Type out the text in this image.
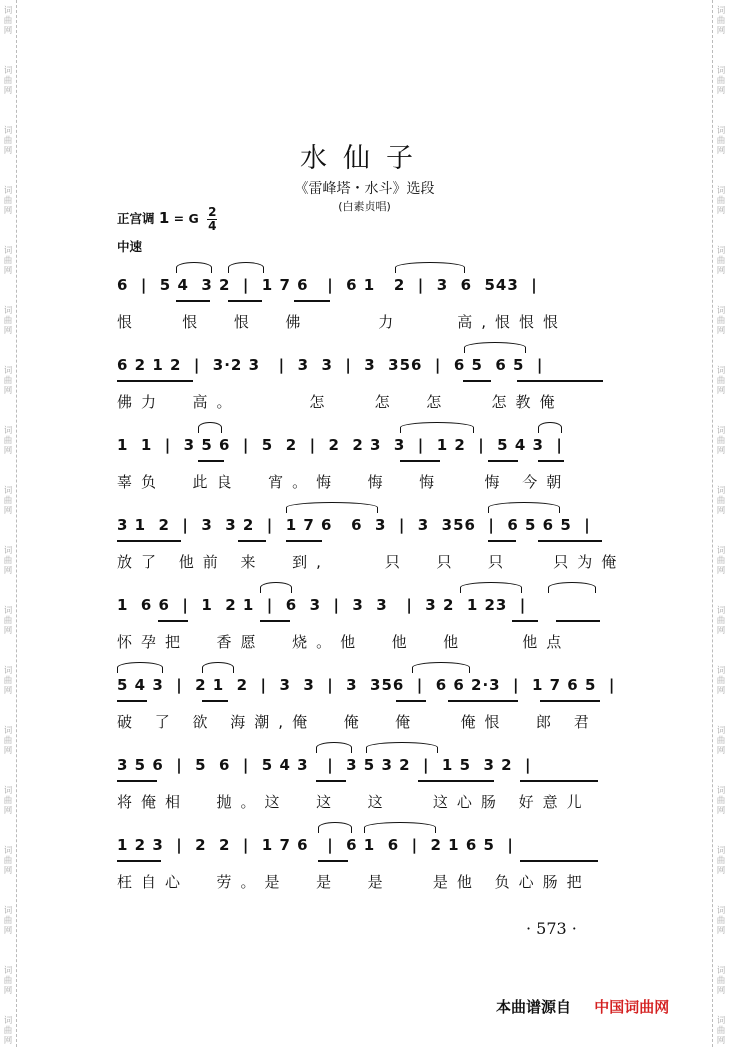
词曲网
词曲网
词曲网
词曲网
词曲网
词曲网
词曲网
词曲网
词曲网
词曲网
词曲网
词曲网
词曲网
词曲网
词曲网
词曲网
词曲网
词曲网
词曲网
词曲网
词曲网
词曲网
词曲网
词曲网
词曲网
词曲网
词曲网
词曲网
词曲网
词曲网
词曲网
词曲网
词曲网
词曲网
词曲网
词曲网
水仙子
《雷峰塔・水斗》选段
(白素贞唱)
正宫调 1 = G $\frac{2}{4}$
中速
6  |  5 4  3 2  |  1 7 6   |  6 1   2  |  3  6  543  |
恨   恨  恨  佛     力    高,恨恨恨
6 2 1 2  |  3·2 3   |  3  3  |  3  356  |  6 5  6 5  |
佛力  高。     怎   怎  怎   怎教俺
1  1  |  3 5 6  |  5  2  |  2  2 3  3  |  1 2  |  5 4 3  |
辜负  此良  宵。悔  悔  悔   悔 今朝
3 1  2  |  3  3 2  |  1 7 6   6  3  |  3  356  |  6 5 6 5  |
放了 他前 来  到,    只  只  只   只为俺
1  6 6  |  1  2 1  |  6  3  |  3  3   |  3 2  1 23  |
怀孕把  香愿  烧。他  他  他    他点
5 4 3  |  2 1  2  |  3  3  |  3  356  |  6 6 2·3  |  1 7 6 5  |
破 了 欲 海潮,俺  俺  俺   俺恨  郎 君
3 5 6  |  5  6  |  5 4 3   |  3 5 3 2  |  1 5  3 2  |
将俺相  抛。这  这  这   这心肠 好意儿
1 2 3  |  2  2  |  1 7 6   |  6 1  6  |  2 1 6 5  |
枉自心  劳。是  是  是   是他 负心肠把
· 573 ·
本曲谱源自 中国词曲网
